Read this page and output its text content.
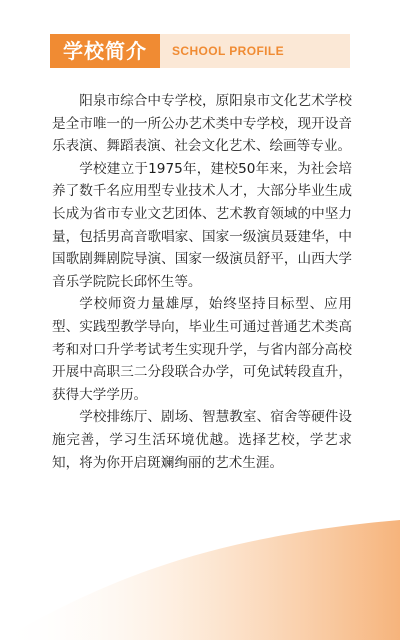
学校简介	SCHOOL PROFILE

阳泉市综合中专学校，原阳泉市文化艺术学校是全市唯一的一所公办艺术类中专学校，现开设音乐表演、舞蹈表演、社会文化艺术、绘画等专业。

学校建立于1975年，建校50年来，为社会培养了数千名应用型专业技术人才，大部分毕业生成长成为省市专业文艺团体、艺术教育领域的中坚力量，包括男高音歌唱家、国家一级演员聂建华，中国歌剧舞剧院导演、国家一级演员舒平，山西大学音乐学院院长邱怀生等。

学校师资力量雄厚，始终坚持目标型、应用型、实践型教学导向，毕业生可通过普通艺术类高考和对口升学考试考生实现升学，与省内部分高校开展中高职三二分段联合办学，可免试转段直升，获得大学学历。

学校排练厅、剧场、智慧教室、宿舍等硬件设施完善，学习生活环境优越。选择艺校，学艺求知，将为你开启斑斓绚丽的艺术生涯。
